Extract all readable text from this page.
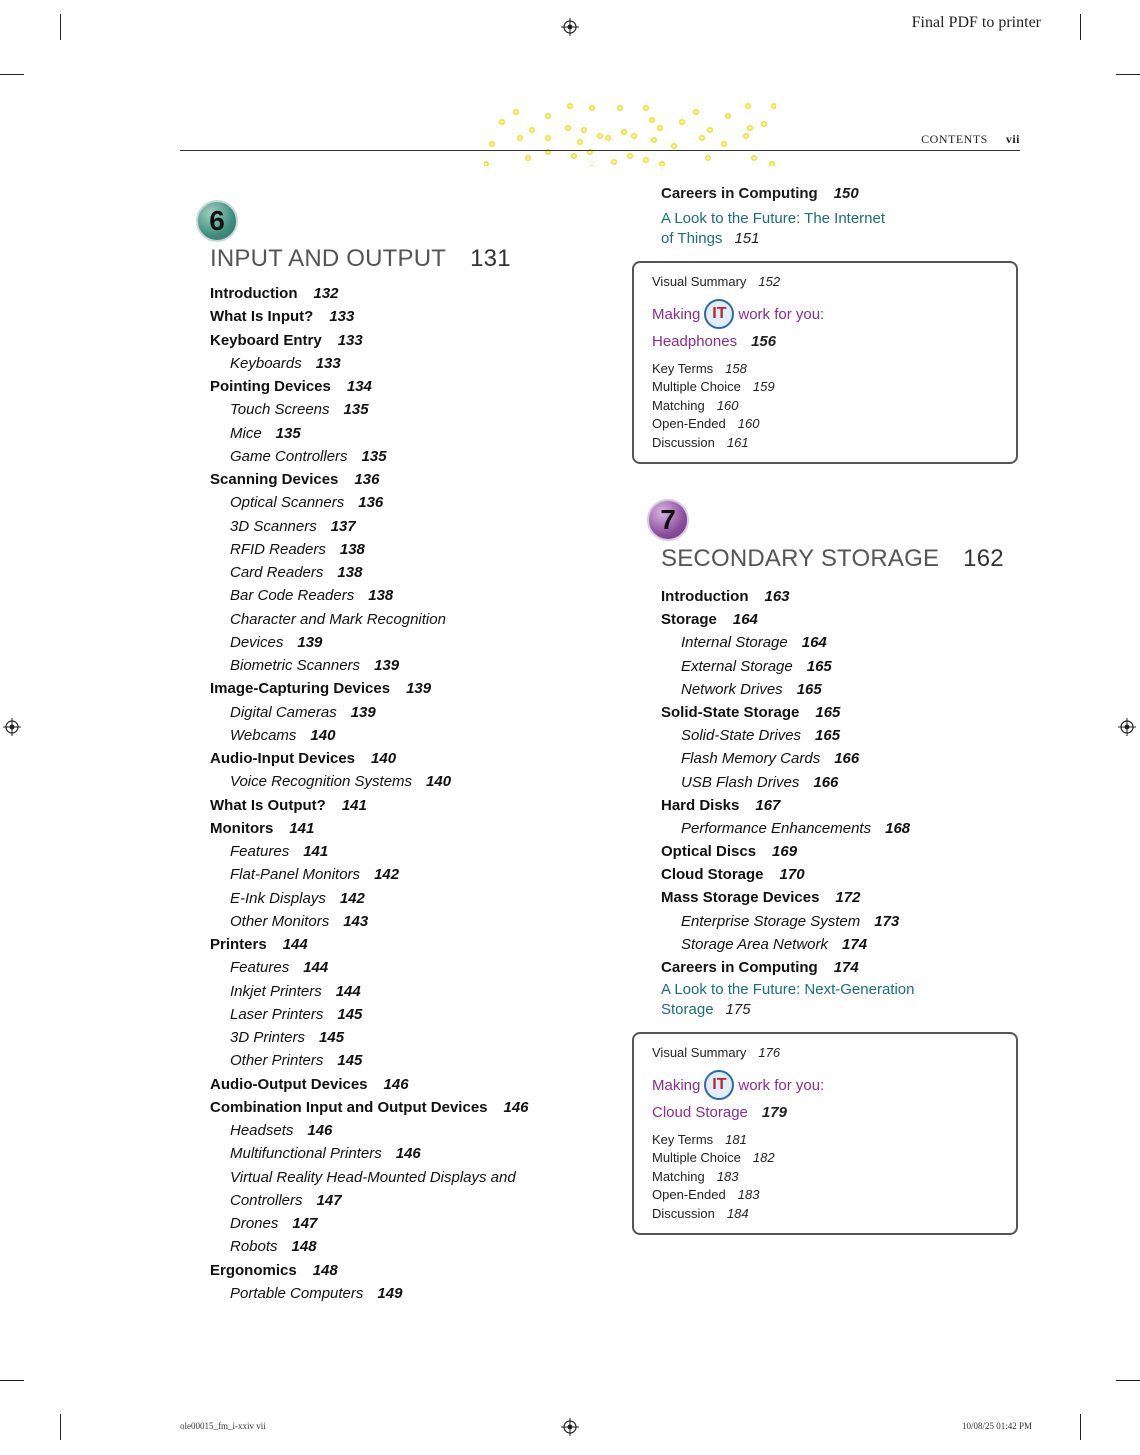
Final PDF to printer
CONTENTS vii
6
INPUT AND OUTPUT 131
Introduction 132
What Is Input? 133
Keyboard Entry 133
Keyboards 133
Pointing Devices 134
Touch Screens 135
Mice 135
Game Controllers 135
Scanning Devices 136
Optical Scanners 136
3D Scanners 137
RFID Readers 138
Card Readers 138
Bar Code Readers 138
Character and Mark Recognition
Devices 139
Biometric Scanners 139
Image-Capturing Devices 139
Digital Cameras 139
Webcams 140
Audio-Input Devices 140
Voice Recognition Systems 140
What Is Output? 141
Monitors 141
Features 141
Flat-Panel Monitors 142
E-Ink Displays 142
Other Monitors 143
Printers 144
Features 144
Inkjet Printers 144
Laser Printers 145
3D Printers 145
Other Printers 145
Audio-Output Devices 146
Combination Input and Output Devices 146
Headsets 146
Multifunctional Printers 146
Virtual Reality Head-Mounted Displays and
Controllers 147
Drones 147
Robots 148
Ergonomics 148
Portable Computers 149
Careers in Computing 150
A Look to the Future: The Internet
of Things 151
Visual Summary 152
Making IT work for you:
Headphones 156
Key Terms 158
Multiple Choice 159
Matching 160
Open-Ended 160
Discussion 161
7
SECONDARY STORAGE 162
Introduction 163
Storage 164
Internal Storage 164
External Storage 165
Network Drives 165
Solid-State Storage 165
Solid-State Drives 165
Flash Memory Cards 166
USB Flash Drives 166
Hard Disks 167
Performance Enhancements 168
Optical Discs 169
Cloud Storage 170
Mass Storage Devices 172
Enterprise Storage System 173
Storage Area Network 174
Careers in Computing 174
A Look to the Future: Next-Generation
Storage 175
Visual Summary 176
Making IT work for you:
Cloud Storage 179
Key Terms 181
Multiple Choice 182
Matching 183
Open-Ended 183
Discussion 184
ole00015_fm_i-xxiv vii	10/08/25 01:42 PM
